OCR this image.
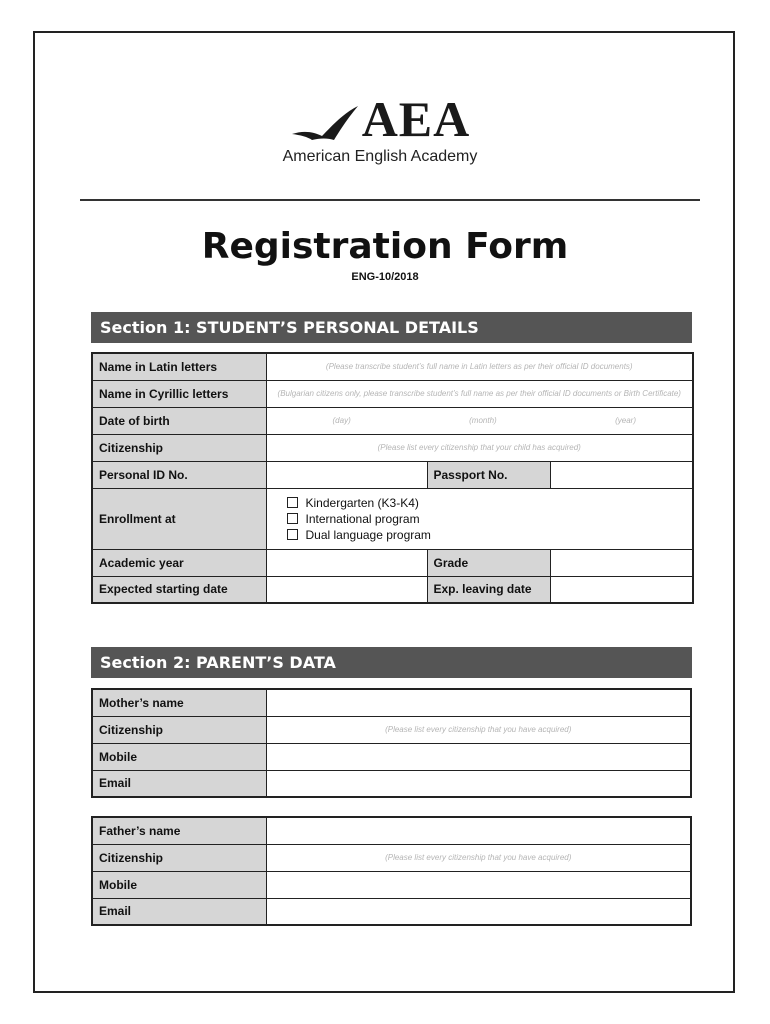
AEA
American English Academy
Registration Form
ENG-10/2018
Section 1: STUDENT’S PERSONAL DETAILS
Name in Latin letters	(Please transcribe student’s full name in Latin letters as per their official ID documents)		

Name in Cyrillic letters	(Bulgarian citizens only, please transcribe student’s full name as per their official ID documents or Birth Certificate)		

Date of birth	(day) (month) (year)		

Citizenship	(Please list every citizenship that your child has acquired)		

Personal ID No.		Passport No.	
Enrollment at	Kindergarten (K3-K4)
International program
Dual language program		

Academic year		Grade	
Expected starting date		Exp. leaving date	
Section 2: PARENT’S DATA
Mother’s name	
Citizenship	(Please list every citizenship that you have acquired)

Mobile	
Email	
Father’s name	
Citizenship	(Please list every citizenship that you have acquired)

Mobile	
Email	
